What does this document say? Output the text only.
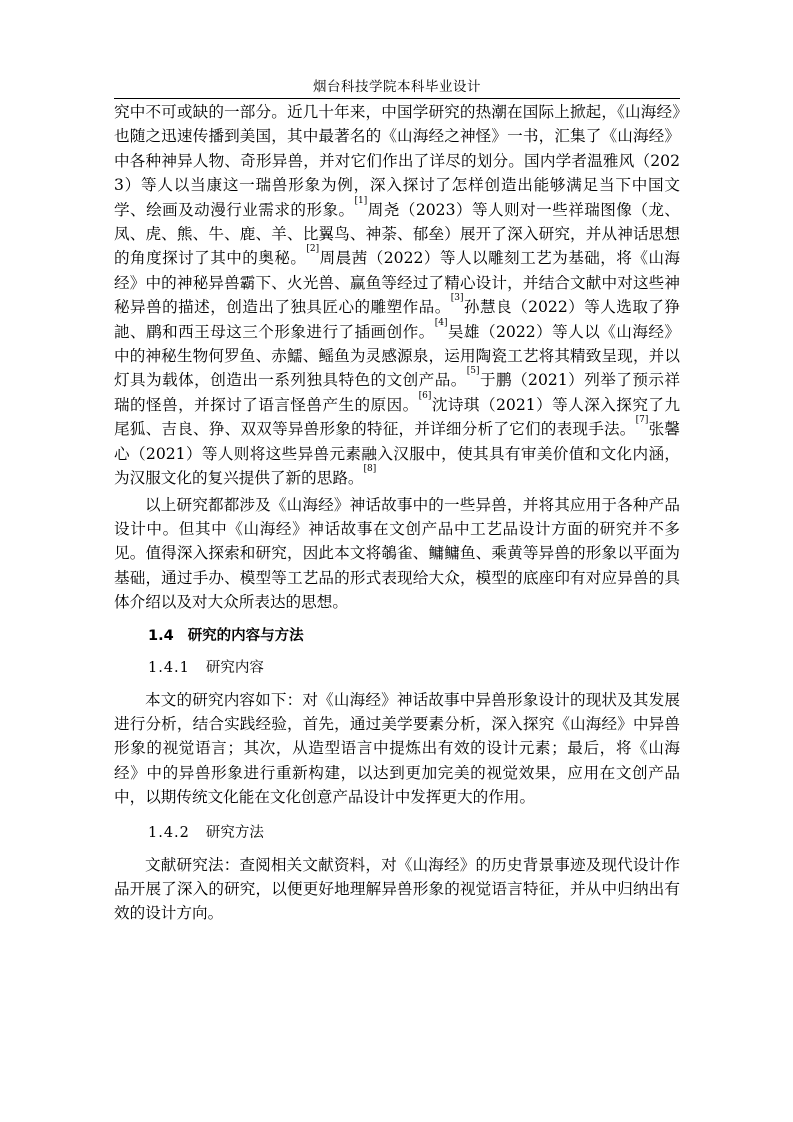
烟台科技学院本科毕业设计

究中不可或缺的一部分。近几十年来，中国学研究的热潮在国际上掀起，《山海经》也随之迅速传播到美国，其中最著名的《山海经之神怪》一书，汇集了《山海经》中各种神异人物、奇形异兽，并对它们作出了详尽的划分。国内学者温雅风（2023）等人以当康这一瑞兽形象为例，深入探讨了怎样创造出能够满足当下中国文学、绘画及动漫行业需求的形象。[1]周尧（2023）等人则对一些祥瑞图像（龙、凤、虎、熊、牛、鹿、羊、比翼鸟、神荼、郁垒）展开了深入研究，并从神话思想的角度探讨了其中的奥秘。[2]周晨茜（2022）等人以雕刻工艺为基础，将《山海经》中的神秘异兽霸下、火光兽、赢鱼等经过了精心设计，并结合文献中对这些神秘异兽的描述，创造出了独具匠心的雕塑作品。[3]孙慧良（2022）等人选取了狰訑、鹛和西王母这三个形象进行了插画创作。[4]吴雄（2022）等人以《山海经》中的神秘生物何罗鱼、赤鱬、鳐鱼为灵感源泉，运用陶瓷工艺将其精致呈现，并以灯具为载体，创造出一系列独具特色的文创产品。[5]于鹏（2021）列举了预示祥瑞的怪兽，并探讨了语言怪兽产生的原因。[6]沈诗琪（2021）等人深入探究了九尾狐、吉良、狰、双双等异兽形象的特征，并详细分析了它们的表现手法。[7]张馨心（2021）等人则将这些异兽元素融入汉服中，使其具有审美价值和文化内涵，为汉服文化的复兴提供了新的思路。[8]

以上研究都都涉及《山海经》神话故事中的一些异兽，并将其应用于各种产品设计中。但其中《山海经》神话故事在文创产品中工艺品设计方面的研究并不多见。值得深入探索和研究，因此本文将鵸雀、鳙鳙鱼、乘黄等异兽的形象以平面为基础，通过手办、模型等工艺品的形式表现给大众，模型的底座印有对应异兽的具体介绍以及对大众所表达的思想。

1.4 研究的内容与方法

1.4.1 研究内容

本文的研究内容如下：对《山海经》神话故事中异兽形象设计的现状及其发展进行分析，结合实践经验，首先，通过美学要素分析，深入探究《山海经》中异兽形象的视觉语言；其次，从造型语言中提炼出有效的设计元素；最后，将《山海经》中的异兽形象进行重新构建，以达到更加完美的视觉效果，应用在文创产品中，以期传统文化能在文化创意产品设计中发挥更大的作用。

1.4.2 研究方法

文献研究法：查阅相关文献资料，对《山海经》的历史背景事迹及现代设计作品开展了深入的研究，以便更好地理解异兽形象的视觉语言特征，并从中归纳出有效的设计方向。
